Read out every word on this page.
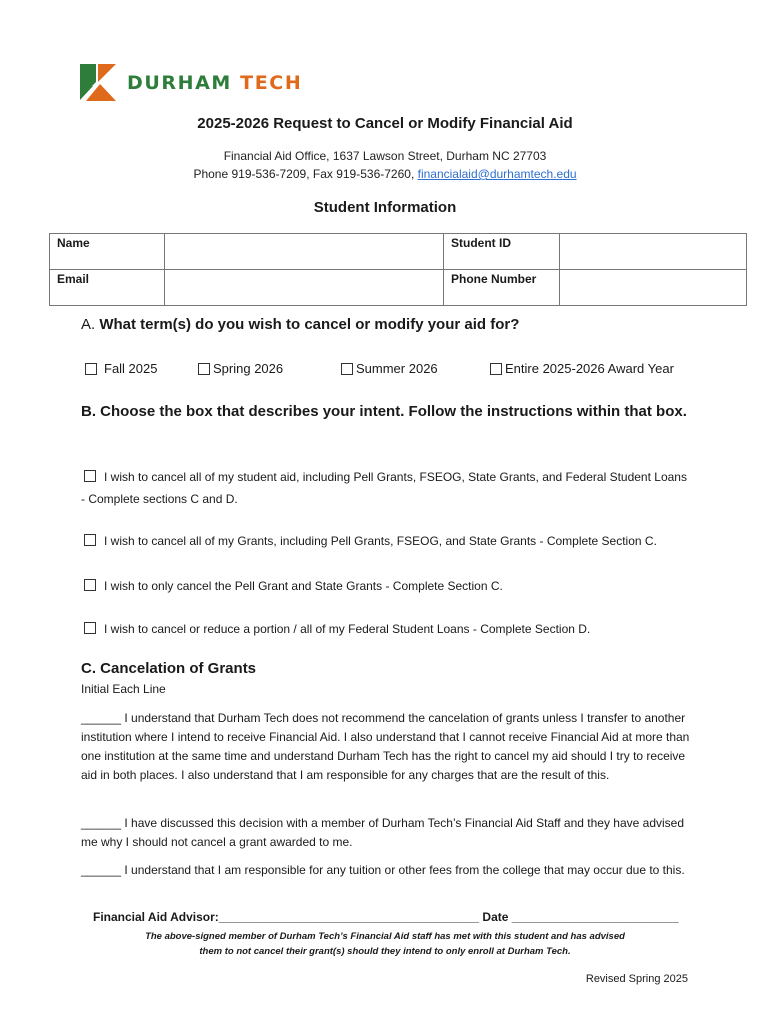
DURHAM TECH
2025-2026 Request to Cancel or Modify Financial Aid
Financial Aid Office, 1637 Lawson Street, Durham NC 27703
Phone 919-536-7209, Fax 919-536-7260, financialaid@durhamtech.edu
Student Information
Name		Student ID	
Email		Phone Number	
A. What term(s) do you wish to cancel or modify your aid for?
Fall 2025	Spring 2026	Summer 2026	Entire 2025-2026 Award Year
B. Choose the box that describes your intent. Follow the instructions within that box.
I wish to cancel all of my student aid, including Pell Grants, FSEOG, State Grants, and Federal Student Loans - Complete sections C and D.
I wish to cancel all of my Grants, including Pell Grants, FSEOG, and State Grants - Complete Section C.
I wish to only cancel the Pell Grant and State Grants - Complete Section C.
I wish to cancel or reduce a portion / all of my Federal Student Loans - Complete Section D.
C. Cancelation of Grants
Initial Each Line
______ I understand that Durham Tech does not recommend the cancelation of grants unless I transfer to another institution where I intend to receive Financial Aid. I also understand that I cannot receive Financial Aid at more than one institution at the same time and understand Durham Tech has the right to cancel my aid should I try to receive aid in both places. I also understand that I am responsible for any charges that are the result of this.
______ I have discussed this decision with a member of Durham Tech’s Financial Aid Staff and they have advised me why I should not cancel a grant awarded to me.
______ I understand that I am responsible for any tuition or other fees from the college that may occur due to this.
Financial Aid Advisor:_______________________________________ Date _________________________
The above-signed member of Durham Tech’s Financial Aid staff has met with this student and has advised
them to not cancel their grant(s) should they intend to only enroll at Durham Tech.
Revised Spring 2025
